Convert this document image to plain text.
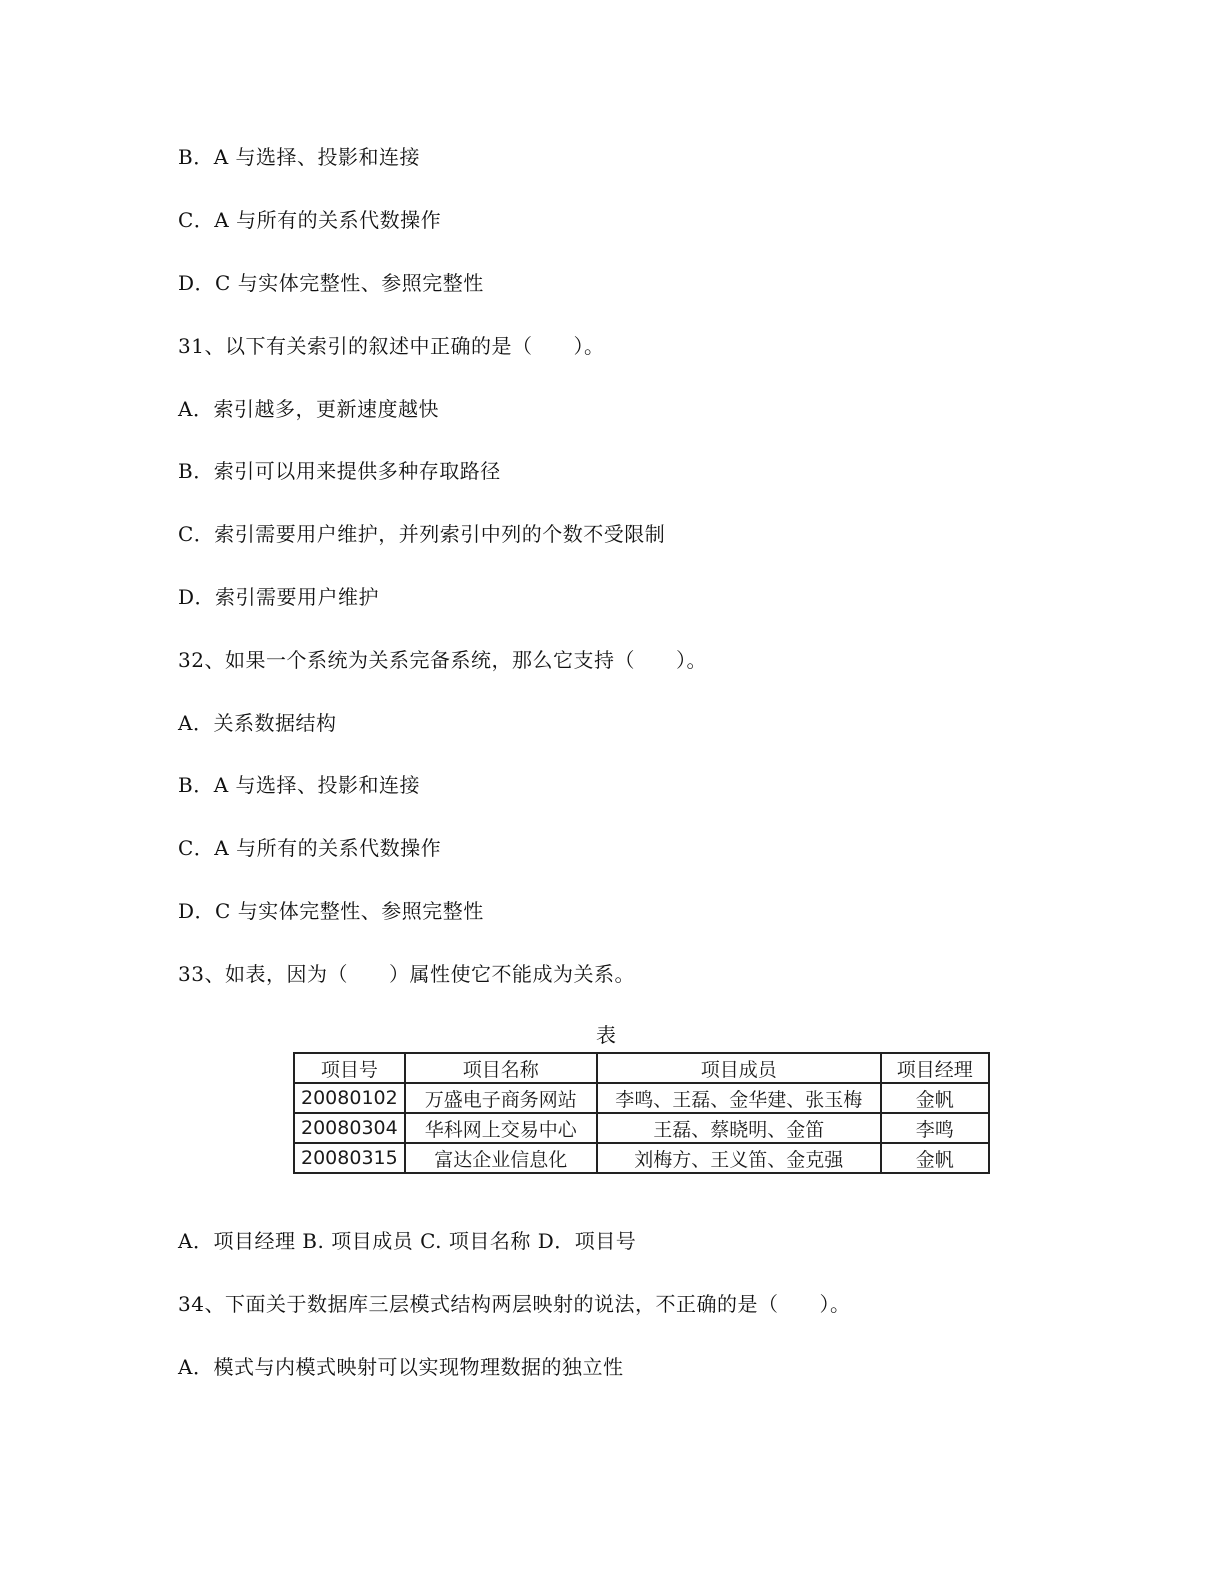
B．A 与选择、投影和连接
C．A 与所有的关系代数操作
D．C 与实体完整性、参照完整性
31、以下有关索引的叙述中正确的是（　　）。
A．索引越多，更新速度越快
B．索引可以用来提供多种存取路径
C．索引需要用户维护，并列索引中列的个数不受限制
D．索引需要用户维护
32、如果一个系统为关系完备系统，那么它支持（　　）。
A．关系数据结构
B．A 与选择、投影和连接
C．A 与所有的关系代数操作
D．C 与实体完整性、参照完整性
33、如表，因为（　　）属性使它不能成为关系。
表
项目号	项目名称	项目成员	项目经理
20080102	万盛电子商务网站	李鸣、王磊、金华建、张玉梅	金帆
20080304	华科网上交易中心	王磊、蔡晓明、金笛	李鸣
20080315	富达企业信息化	刘梅方、王义笛、金克强	金帆
A．项目经理 B. 项目成员 C. 项目名称 D．项目号
34、下面关于数据库三层模式结构两层映射的说法，不正确的是（　　）。
A．模式与内模式映射可以实现物理数据的独立性
